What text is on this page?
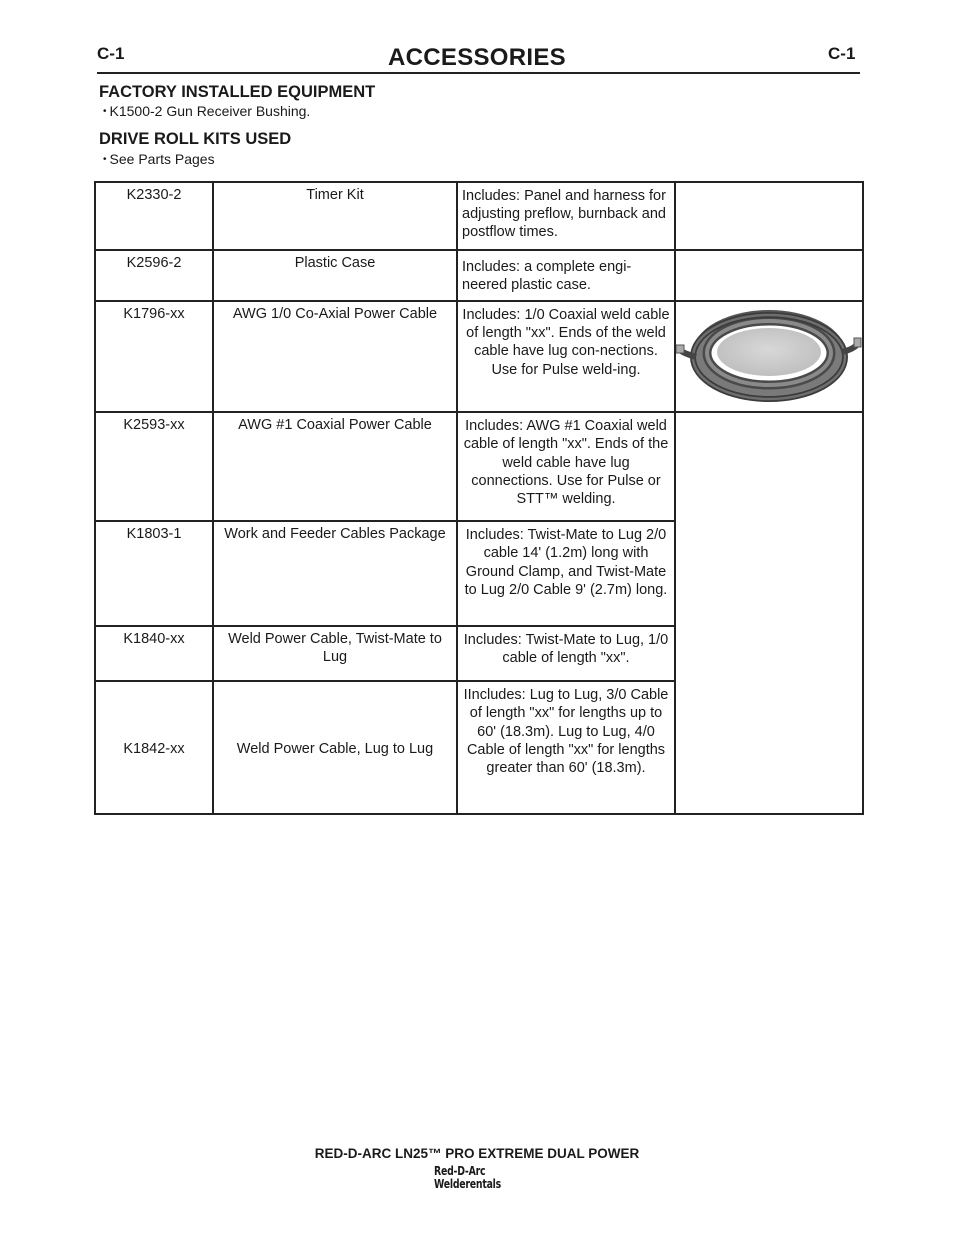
C-1	ACCESSORIES	C-1
FACTORY INSTALLED EQUIPMENT
• K1500-2 Gun Receiver Bushing.
DRIVE ROLL KITS USED
• See Parts Pages
K2330-2	Timer Kit	Includes: Panel and harness for adjusting preflow, burnback and postflow times.	
K2596-2	Plastic Case	Includes: a complete engi-neered plastic case.	
K1796-xx	AWG 1/0 Co-Axial Power Cable	Includes: 1/0 Coaxial weld cable of length "xx". Ends of the weld cable have lug con-nections. Use for Pulse weld-ing.	
K2593-xx	AWG #1 Coaxial Power Cable	Includes: AWG #1 Coaxial weld cable of length "xx". Ends of the weld cable have lug connections. Use for Pulse or STT™ welding.	
K1803-1	Work and Feeder Cables Package	Includes: Twist-Mate to Lug 2/0 cable 14' (1.2m) long with Ground Clamp, and Twist-Mate to Lug 2/0 Cable 9' (2.7m) long.	
K1840-xx	Weld Power Cable, Twist-Mate to Lug	Includes: Twist-Mate to Lug, 1/0 cable of length "xx".	
K1842-xx	Weld Power Cable, Lug to Lug	IIncludes: Lug to Lug, 3/0 Cable of length "xx" for lengths up to 60' (18.3m). Lug to Lug, 4/0 Cable of length "xx" for lengths greater than 60' (18.3m).	
RED-D-ARC LN25™ PRO EXTREME DUAL POWER
Red-D-Arc
Welderentals
